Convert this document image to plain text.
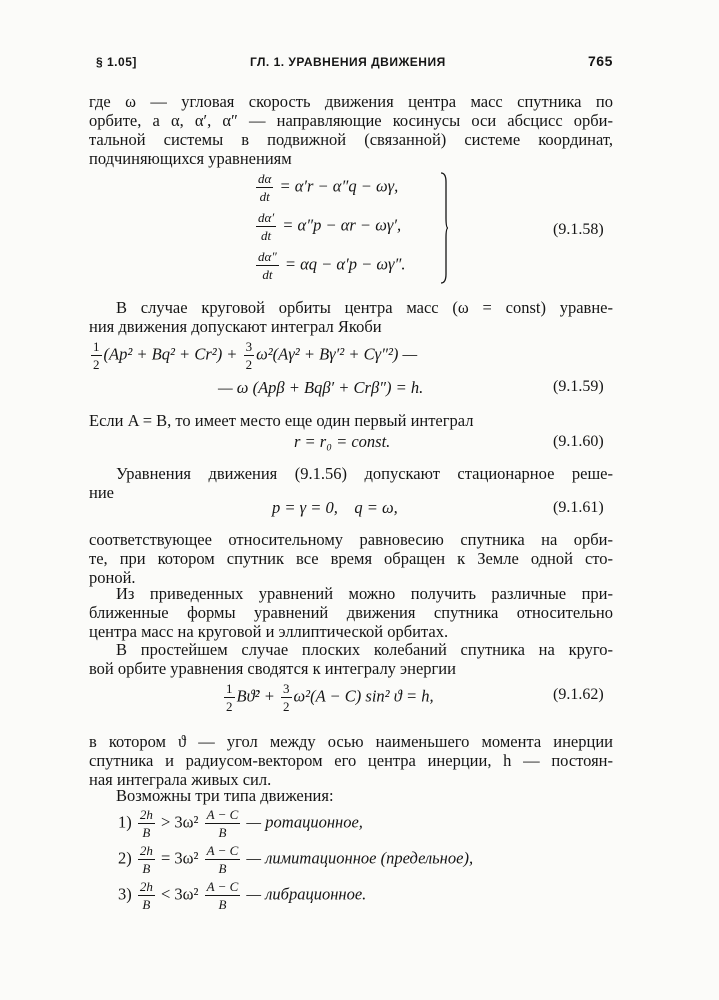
§ 1.05]	ГЛ. 1. УРАВНЕНИЯ ДВИЖЕНИЯ	765
где ω — угловая скорость движения центра масс спутника по
орбите, а α, α′, α″ — направляющие косинусы оси абсцисс орби-
тальной системы в подвижной (связанной) системе координат,
подчиняющихся уравнениям
$\frac{d\alpha}{dt} = \alpha'r - \alpha''q - \omega\gamma$,
$\frac{d\alpha'}{dt} = \alpha''p - \alpha r - \omega\gamma'$,
$\frac{d\alpha''}{dt} = \alpha q - \alpha'p - \omega\gamma''$.
(9.1.58)
В случае круговой орбиты центра масс (ω = const) уравне-
ния движения допускают интеграл Якоби
$\frac{1}{2} (Ap^2 + Bq^2 + Cr^2) + \frac{3}{2} \omega^2(A\gamma^2 + B\gamma'^2 + C\gamma''^2)$ —
— ω (Apβ + Bqβ′ + Crβ″) = h.	(9.1.59)
Если A = B, то имеет место еще один первый интеграл
r = r₀ = const.	(9.1.60)
Уравнения движения (9.1.56) допускают стационарное реше-
ние
p = γ = 0,    q = ω,	(9.1.61)
соответствующее относительному равновесию спутника на орби-
те, при котором спутник все время обращен к Земле одной сто-
роной.
Из приведенных уравнений можно получить различные при-
ближенные формы уравнений движения спутника относительно
центра масс на круговой и эллиптической орбитах.
В простейшем случае плоских колебаний спутника на круго-
вой орбите уравнения сводятся к интегралу энергии
$\frac{1}{2}$ Bϑ̇² + $\frac{3}{2} \omega^2(A - C)$ sin² ϑ = h,	(9.1.62)
в котором ϑ — угол между осью наименьшего момента инерции
спутника и радиусом-вектором его центра инерции, h — постоян-
ная интеграла живых сил.
Возможны три типа движения:
$1) \frac{2h}{B} > 3\omega^2 \frac{A - C}{B}$ — ротационное,
$2) \frac{2h}{B} = 3\omega^2 \frac{A - C}{B}$ — лимитационное (предельное),
$3) \frac{2h}{B} < 3\omega^2 \frac{A - C}{B}$ — либрационное.
